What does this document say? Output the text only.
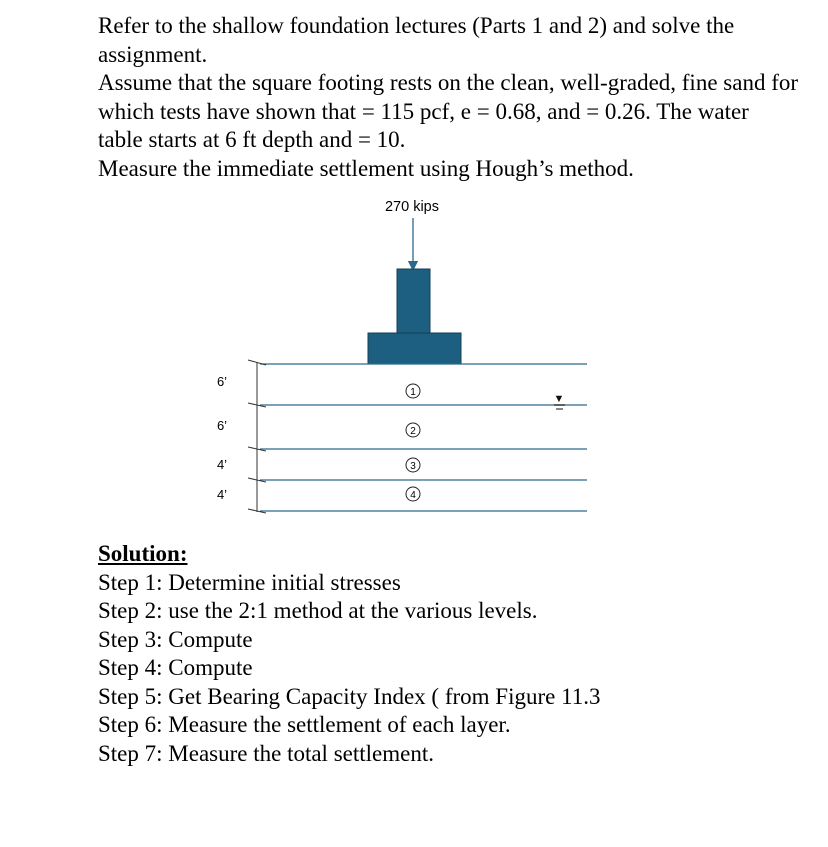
Refer to the shallow foundation lectures (Parts 1 and 2) and solve the assignment.

Assume that the square footing rests on the clean, well-graded, fine sand for which tests have shown that = 115 pcf, e = 0.68, and = 0.26. The water table starts at 6 ft depth and = 10.

Measure the immediate settlement using Hough’s method.

270 kips
6’
6’
4’
4’
1
2
3
4
▼

Solution:

Step 1: Determine initial stresses

Step 2: use the 2:1 method at the various levels.

Step 3: Compute

Step 4: Compute

Step 5: Get Bearing Capacity Index ( from Figure 11.3

Step 6: Measure the settlement of each layer.

Step 7: Measure the total settlement.
